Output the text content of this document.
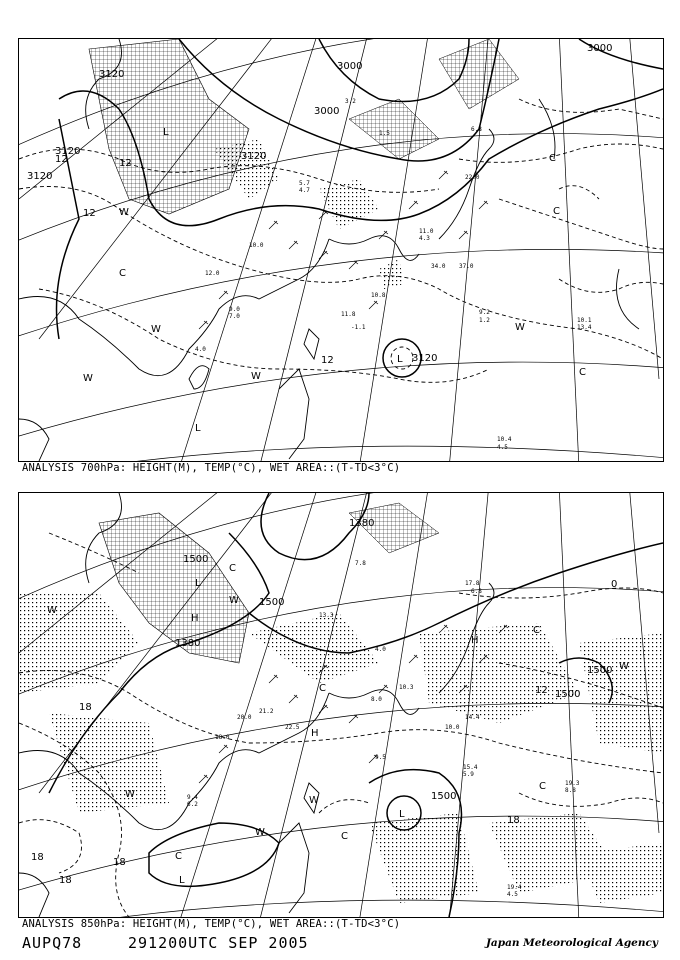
3120
3120
3120
3120
3000
3000
3000
12	12
12
12	L 3120
W
W
W	W
W
C
C
C
C
L
L
10.0
12.0
9.0
7.0
4.0
11.8
-1.1
10.8
9.2
1.2	10.1
13.4
10.4
4.5
22.0
11.0
4.3
6.8
34.0 37.0
3.2
1.5
5.7
4.7
ANALYSIS 700hPa: HEIGHT(M), TEMP(°C), WET AREA::(T-TD<3°C)
1500
1500
1500
1500
1500
1380
1380
18
18
18
18
18
12
0
L
W
W
W
W
W
W
C
C
C
C
C
C
L
L
H
H
H
15.4
5.9
19.3
8.8
19.4
4.5
9.4
6.2
18.0
20.0
22.5
8.0
10.0
14.4
17.8
6.8
7.8
21.2
9.5
4.0
13.3
10.3
ANALYSIS 850hPa: HEIGHT(M), TEMP(°C), WET AREA::(T-TD<3°C)
AUPQ78	291200UTC SEP 2005	Japan Meteorological Agency
